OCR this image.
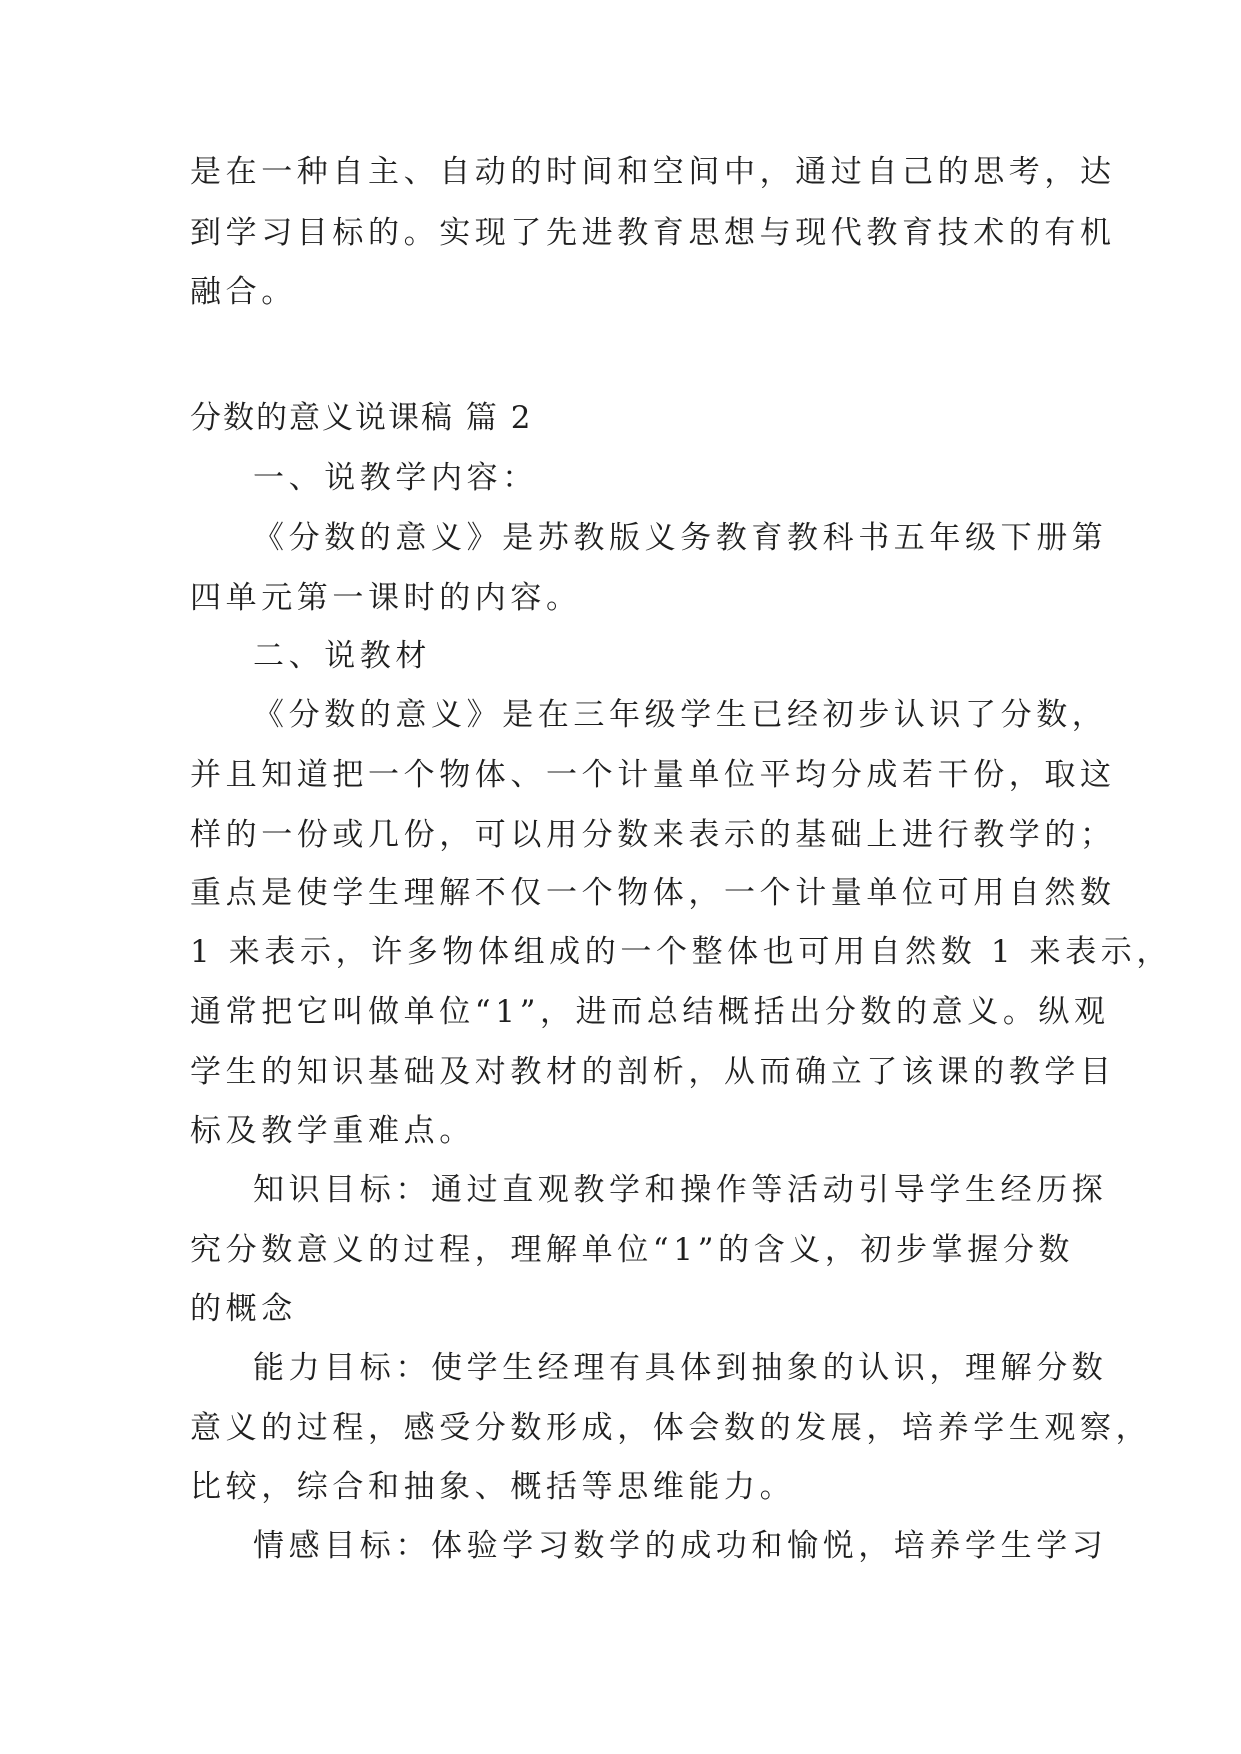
是在一种自主、自动的时间和空间中，通过自己的思考，达
到学习目标的。实现了先进教育思想与现代教育技术的有机
融合。
分数的意义说课稿 篇 2
一、说教学内容：
《分数的意义》是苏教版义务教育教科书五年级下册第
四单元第一课时的内容。
二、说教材
《分数的意义》是在三年级学生已经初步认识了分数，
并且知道把一个物体、一个计量单位平均分成若干份，取这
样的一份或几份，可以用分数来表示的基础上进行教学的；
重点是使学生理解不仅一个物体，一个计量单位可用自然数
1 来表示，许多物体组成的一个整体也可用自然数 1 来表示，
通常把它叫做单位“1”，进而总结概括出分数的意义。纵观
学生的知识基础及对教材的剖析，从而确立了该课的教学目
标及教学重难点。
知识目标：通过直观教学和操作等活动引导学生经历探
究分数意义的过程，理解单位“1”的含义，初步掌握分数
的概念
能力目标：使学生经理有具体到抽象的认识，理解分数
意义的过程，感受分数形成，体会数的发展，培养学生观察，
比较，综合和抽象、概括等思维能力。
情感目标：体验学习数学的成功和愉悦，培养学生学习
